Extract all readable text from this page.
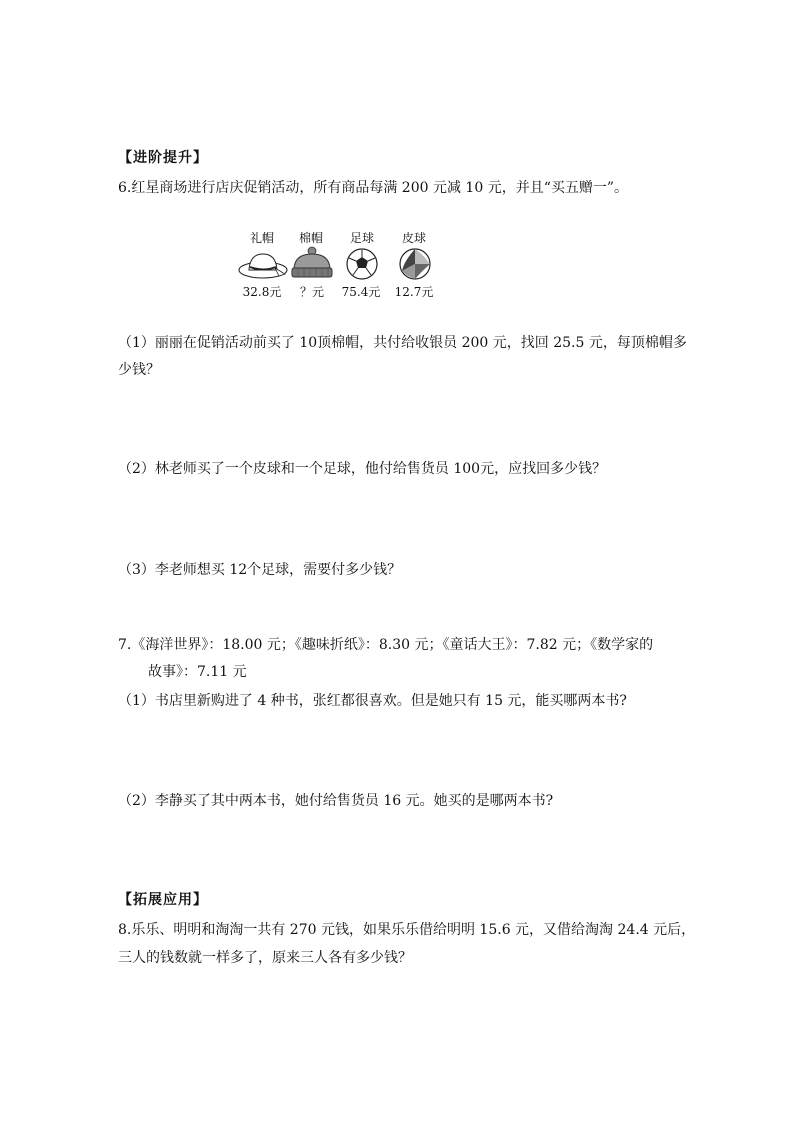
【进阶提升】
6.红星商场进行店庆促销活动，所有商品每满 200 元减 10 元，并且“买五赠一”。
礼帽	棉帽	足球	皮球
32.8元	？元	75.4元	12.7元
（1）丽丽在促销活动前买了 10顶棉帽，共付给收银员 200 元，找回 25.5 元，每顶棉帽多
少钱？
（2）林老师买了一个皮球和一个足球，他付给售货员 100元，应找回多少钱？
（3）李老师想买 12个足球，需要付多少钱？
7.《海洋世界》：18.00 元；《趣味折纸》：8.30 元；《童话大王》：7.82 元；《数学家的
故事》：7.11 元
（1）书店里新购进了 4 种书，张红都很喜欢。但是她只有 15 元，能买哪两本书?
（2）李静买了其中两本书，她付给售货员 16 元。她买的是哪两本书?
【拓展应用】
8.乐乐、明明和淘淘一共有 270 元钱，如果乐乐借给明明 15.6 元，又借给淘淘 24.4 元后，
三人的钱数就一样多了，原来三人各有多少钱？
